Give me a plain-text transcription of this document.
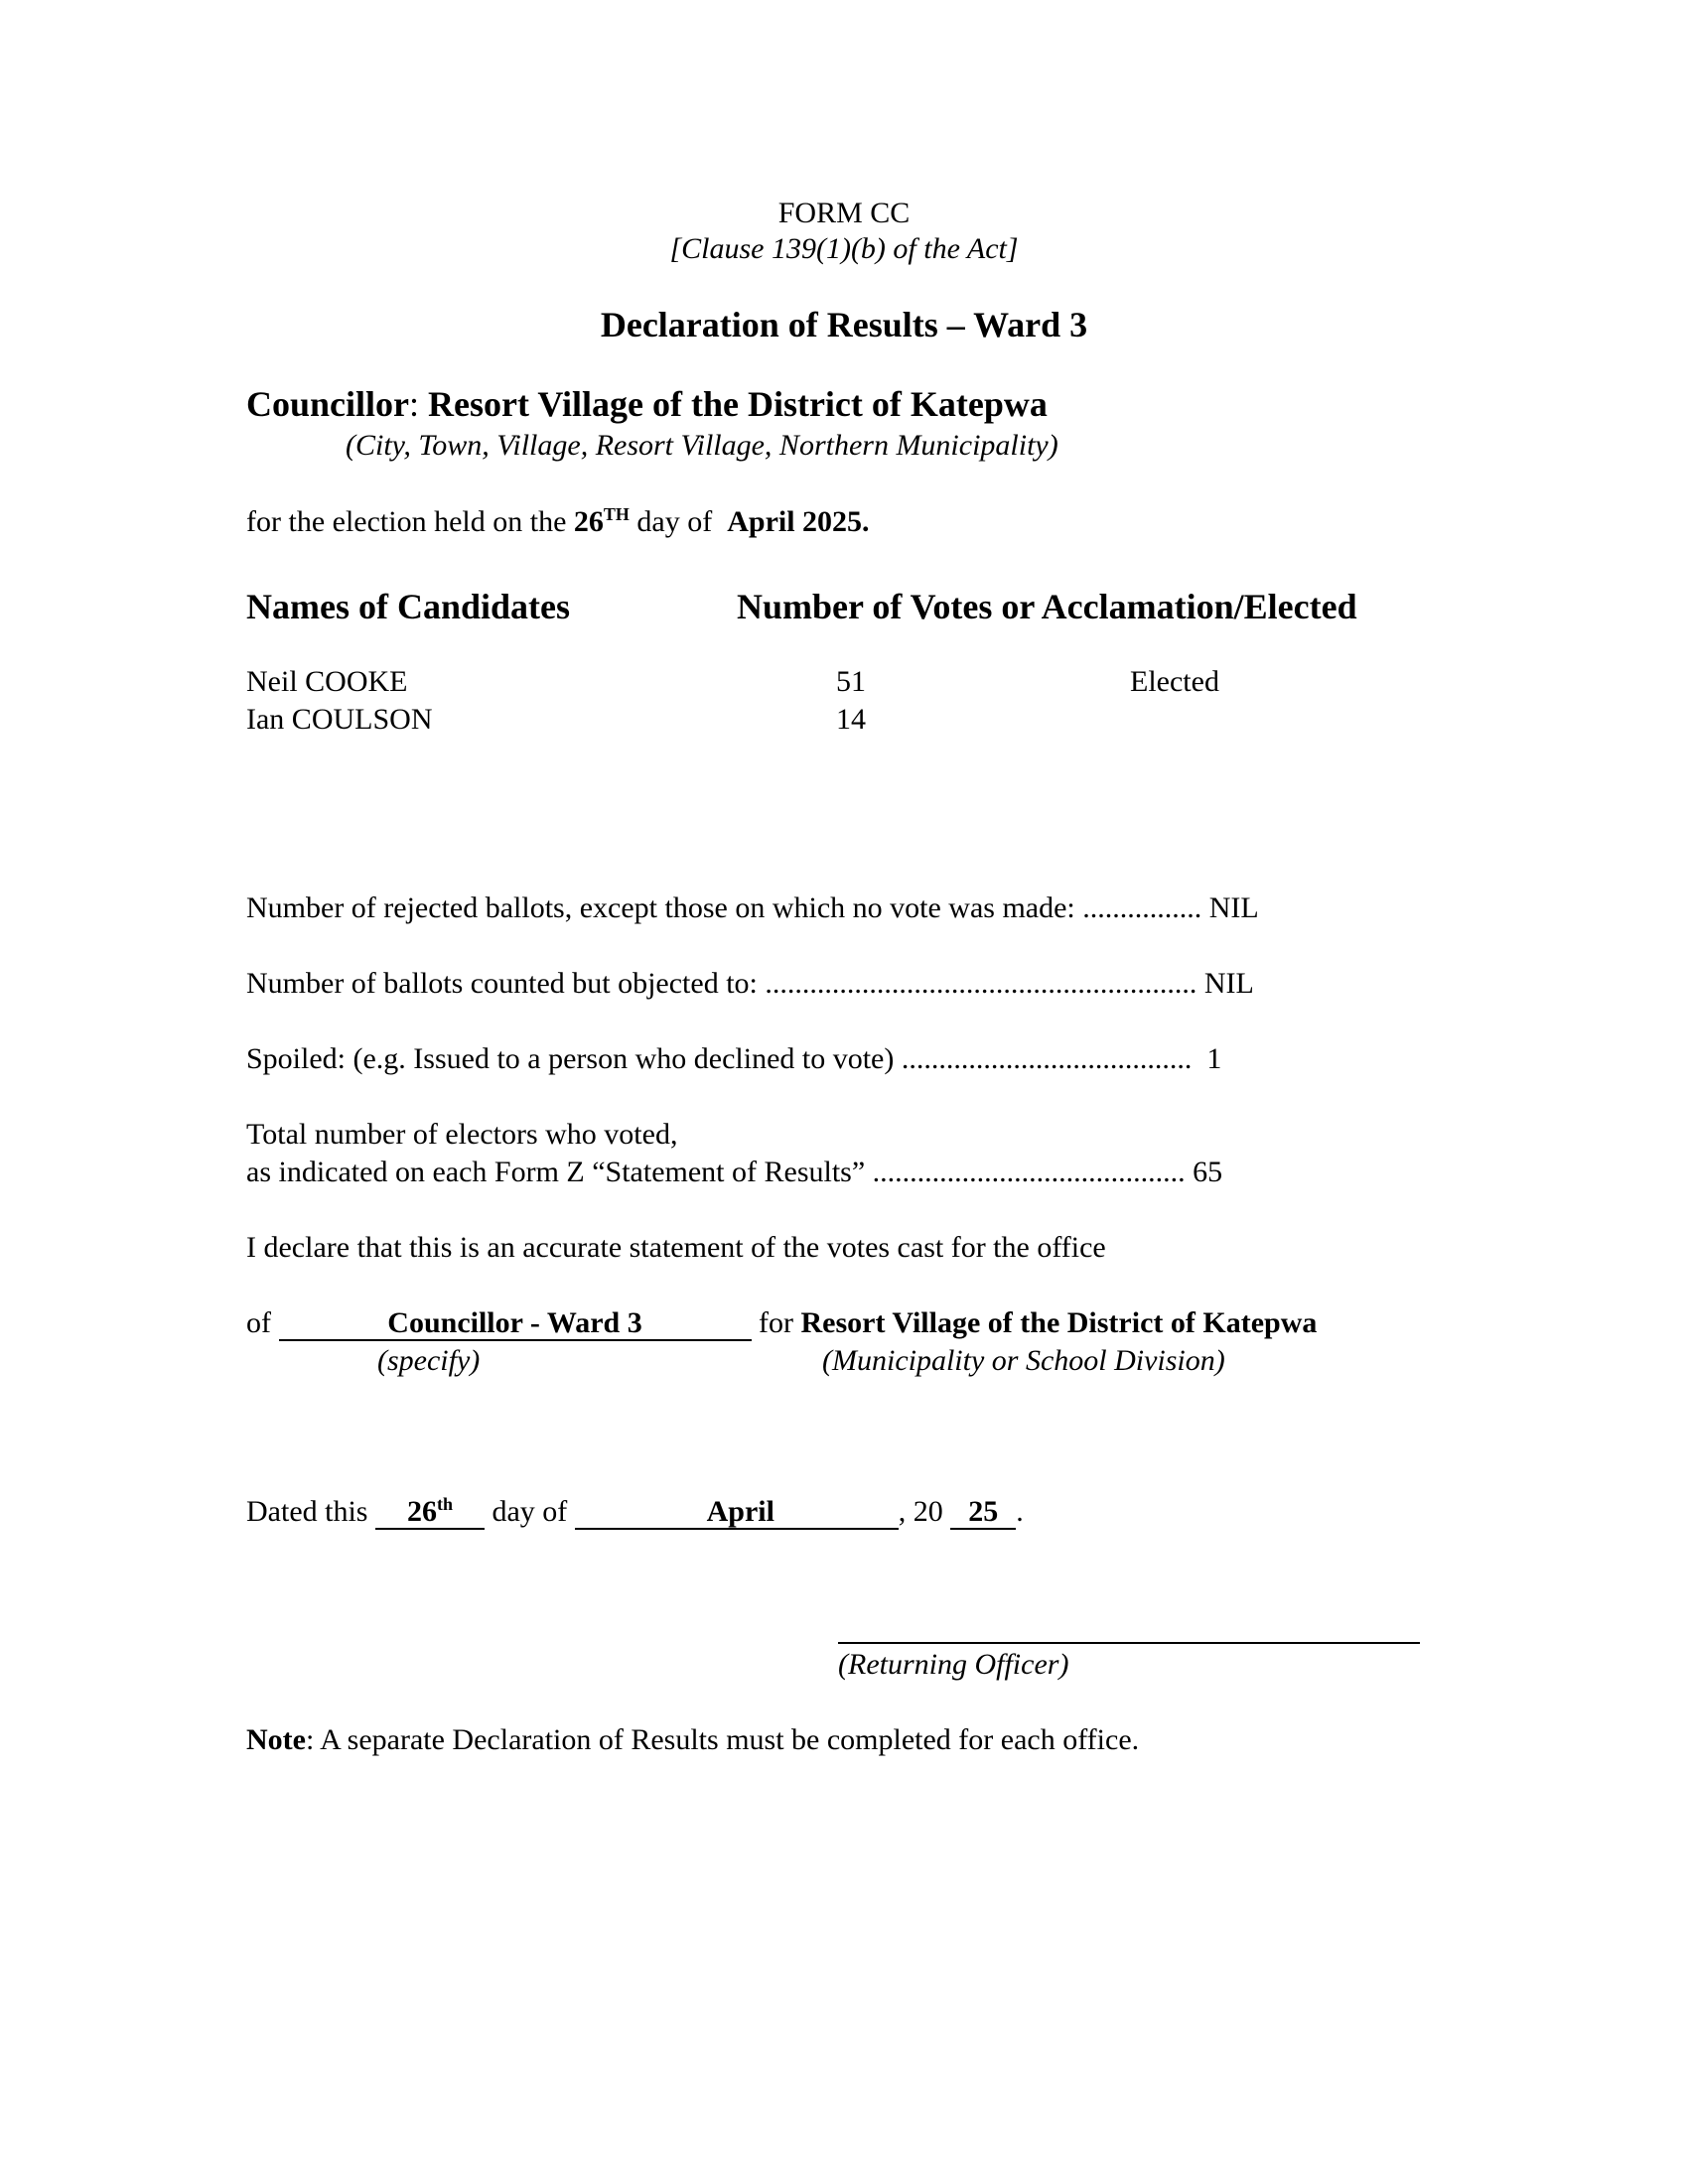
FORM CC
[Clause 139(1)(b) of the Act]
Declaration of Results – Ward 3
Councillor: Resort Village of the District of Katepwa
(City, Town, Village, Resort Village, Northern Municipality)
for the election held on the 26TH day of April 2025.
Names of Candidates	Number of Votes or Acclamation/Elected
Neil COOKE	51	Elected
Ian COULSON	14
Number of rejected ballots, except those on which no vote was made: ................ NIL
Number of ballots counted but objected to: .......................................................... NIL
Spoiled: (e.g. Issued to a person who declined to vote) ....................................... 1
Total number of electors who voted,
as indicated on each Form Z “Statement of Results” .......................................... 65
I declare that this is an accurate statement of the votes cast for the office
of	Councillor - Ward 3	for Resort Village of the District of Katepwa
(specify)	(Municipality or School Division)
Dated this 26th day of	April	, 20 25 .
(Returning Officer)
Note: A separate Declaration of Results must be completed for each office.
